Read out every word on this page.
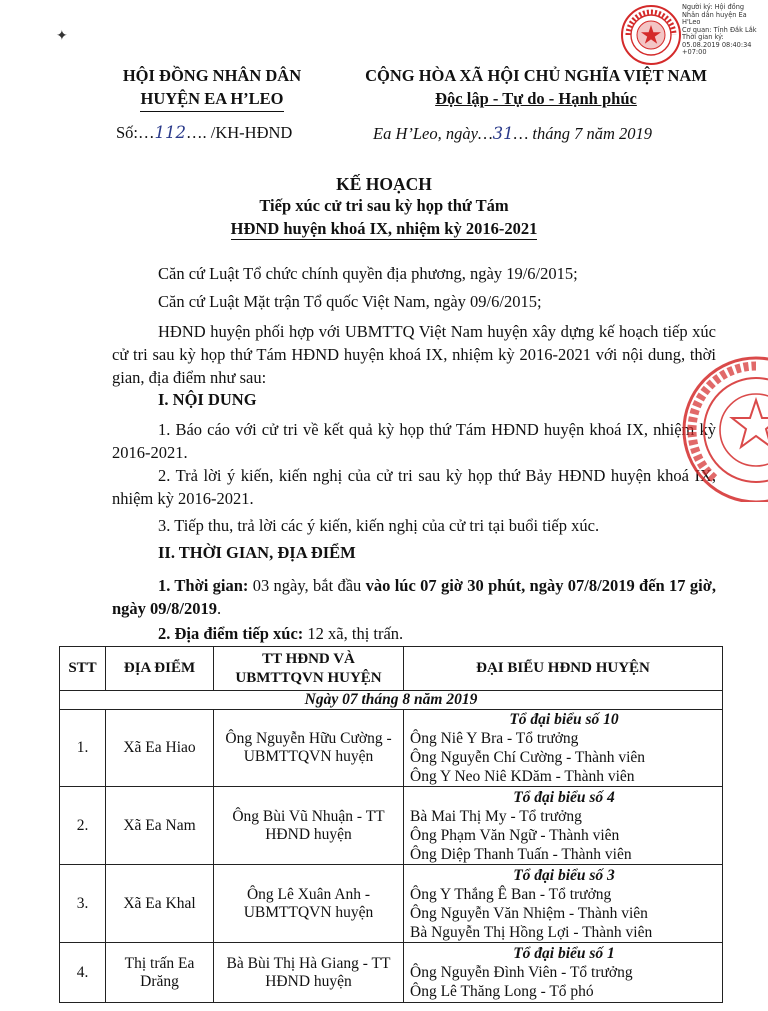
✦
Người ký: Hội đồng
Nhân dân huyện Ea
H'Leo
Cơ quan: Tỉnh Đắk Lắk
Thời gian ký:
05.08.2019 08:40:34
+07:00
HỘI ĐỒNG NHÂN DÂN
HUYỆN EA H’LEO
CỘNG HÒA XÃ HỘI CHỦ NGHĨA VIỆT NAM
Độc lập - Tự do - Hạnh phúc
Số:…112…. /KH-HĐND	Ea H’Leo, ngày…31… tháng 7 năm 2019
KẾ HOẠCH
Tiếp xúc cử tri sau kỳ họp thứ Tám
HĐND huyện khoá IX, nhiệm kỳ 2016-2021
Căn cứ Luật Tổ chức chính quyền địa phương, ngày 19/6/2015;
Căn cứ Luật Mặt trận Tổ quốc Việt Nam, ngày 09/6/2015;
HĐND huyện phối hợp với UBMTTQ Việt Nam huyện xây dựng kế hoạch tiếp xúc cử tri sau kỳ họp thứ Tám HĐND huyện khoá IX, nhiệm kỳ 2016-2021 với nội dung, thời gian, địa điểm như sau:
I. NỘI DUNG
1. Báo cáo với cử tri về kết quả kỳ họp thứ Tám HĐND huyện khoá IX, nhiệm kỳ 2016-2021.
2. Trả lời ý kiến, kiến nghị của cử tri sau kỳ họp thứ Bảy HĐND huyện khoá IX, nhiệm kỳ 2016-2021.
3. Tiếp thu, trả lời các ý kiến, kiến nghị của cử tri tại buổi tiếp xúc.
II. THỜI GIAN, ĐỊA ĐIỂM
1. Thời gian: 03 ngày, bắt đầu vào lúc 07 giờ 30 phút, ngày 07/8/2019 đến 17 giờ, ngày 09/8/2019.
2. Địa điểm tiếp xúc: 12 xã, thị trấn.
STT	ĐỊA ĐIỂM	TT HĐND VÀ UBMTTQVN HUYỆN	ĐẠI BIỂU HĐND HUYỆN
Ngày 07 tháng 8 năm 2019			
1.	Xã Ea Hiao	Ông Nguyễn Hữu Cường - UBMTTQVN huyện	Tổ đại biểu số 10
Ông Niê Y Bra - Tổ trưởng
Ông Nguyễn Chí Cường - Thành viên
Ông Y Neo Niê KDăm - Thành viên

2.	Xã Ea Nam	Ông Bùi Vũ Nhuận - TT HĐND huyện	Tổ đại biểu số 4
Bà Mai Thị My - Tổ trưởng
Ông Phạm Văn Ngữ - Thành viên
Ông Diệp Thanh Tuấn - Thành viên

3.	Xã Ea Khal	Ông Lê Xuân Anh - UBMTTQVN huyện	Tổ đại biểu số 3
Ông Y Thắng Ê Ban - Tổ trưởng
Ông Nguyễn Văn Nhiệm - Thành viên
Bà Nguyễn Thị Hồng Lợi - Thành viên

4.	Thị trấn Ea Drăng	Bà Bùi Thị Hà Giang - TT HĐND huyện	Tổ đại biểu số 1
Ông Nguyễn Đình Viên - Tổ trưởng
Ông Lê Thăng Long - Tổ phó
